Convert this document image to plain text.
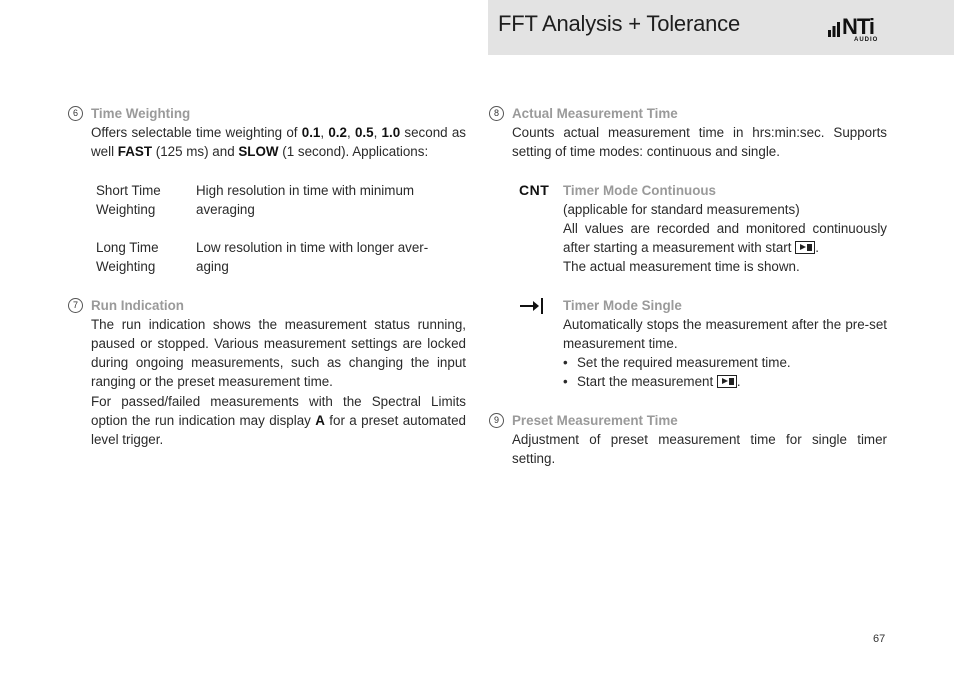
FFT Analysis + Tolerance	NTi
AUDIO
6 Time Weighting
Offers selectable time weighting of 0.1, 0.2, 0.5, 1.0 second as well FAST (125 ms) and SLOW (1 second). Applications:
Short Time
Weighting	High resolution in time with minimum
averaging

Long Time
Weighting	Low resolution in time with longer aver-
aging
7 Run Indication
The run indication shows the measurement status running, paused or stopped. Various measurement settings are locked during ongoing measurements, such as changing the input ranging or the preset measurement time.
For passed/failed measurements with the Spectral Limits option the run indication may display A for a preset automated level trigger.
8 Actual Measurement Time
Counts actual measurement time in hrs:min:sec. Supports setting of time modes: continuous and single.
CNT Timer Mode Continuous
(applicable for standard measurements)
All values are recorded and monitored continuously after starting a measurement with start .
The actual measurement time is shown.
Timer Mode Single
Automatically stops the measurement after the pre-set measurement time.
• Set the required measurement time.
• Start the measurement .
9 Preset Measurement Time
Adjustment of preset measurement time for single timer setting.
67
